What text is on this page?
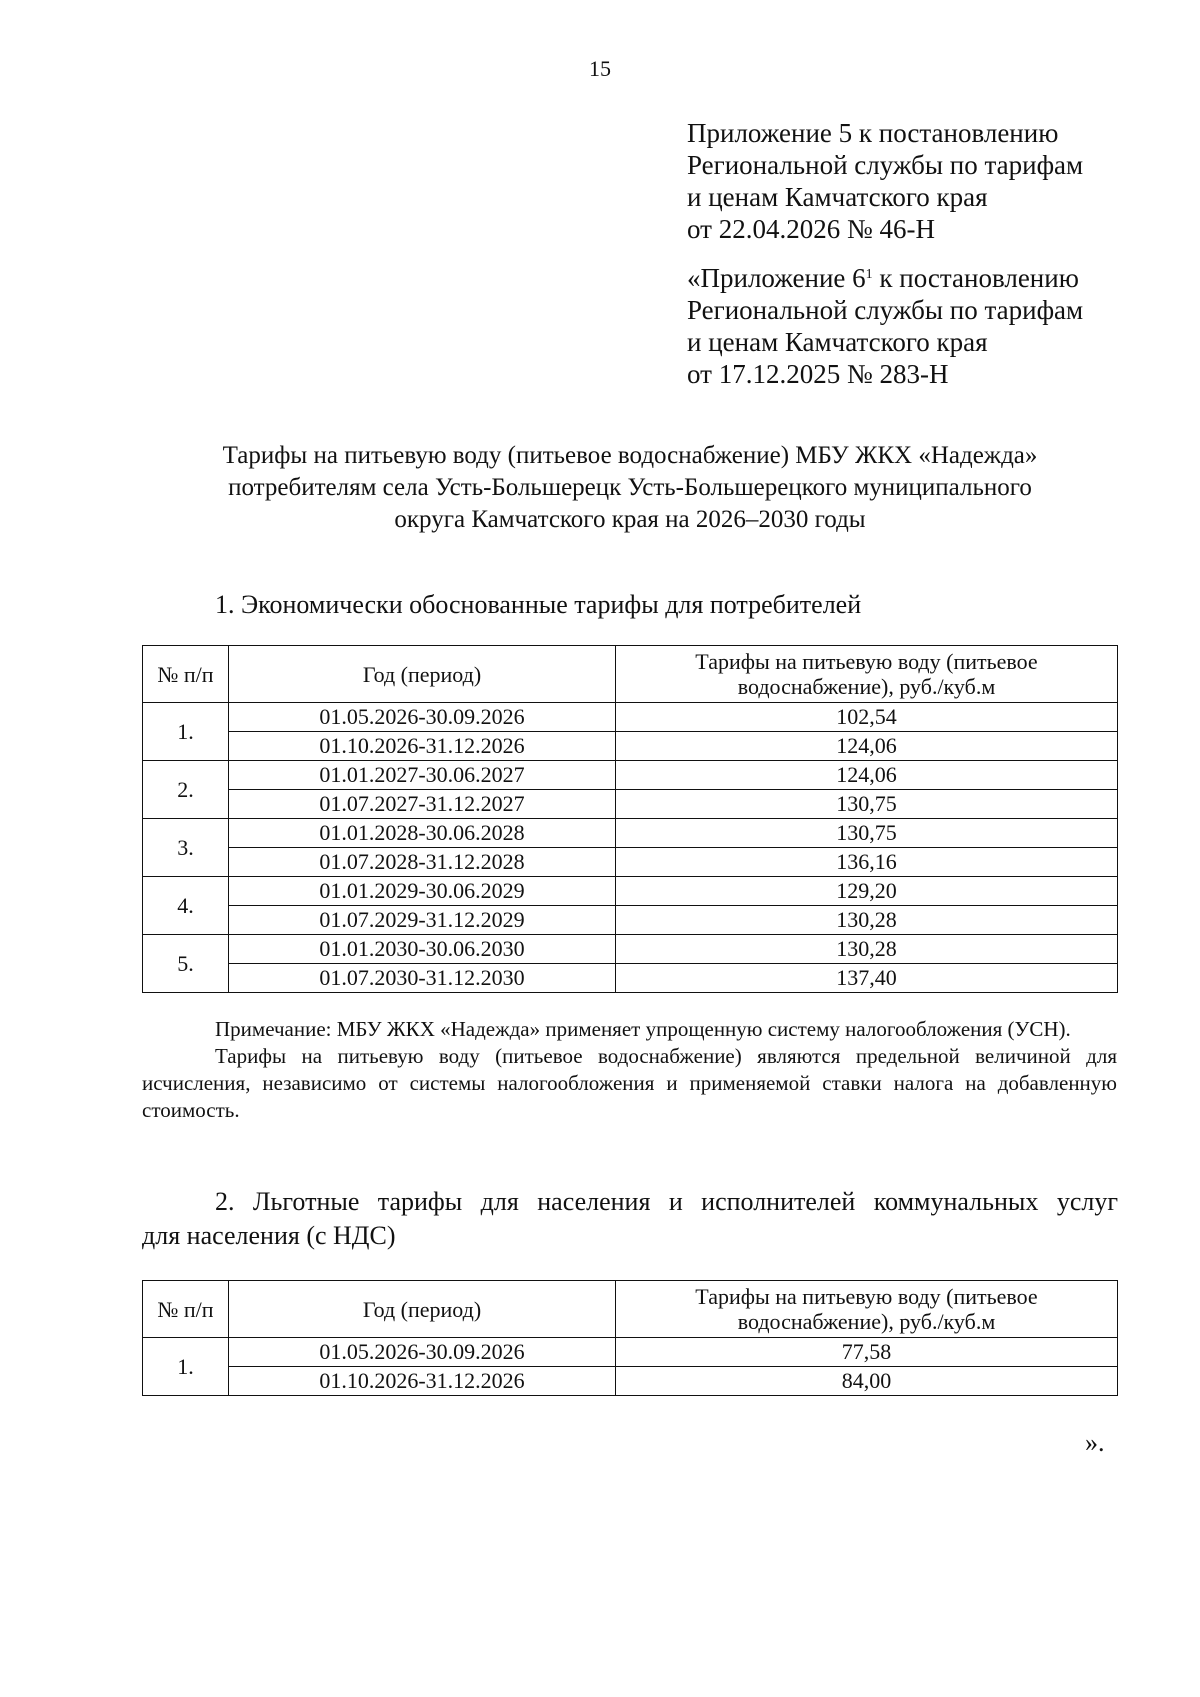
15
Приложение 5 к постановлению
Региональной службы по тарифам
и ценам Камчатского края
от 22.04.2026 № 46-Н
«Приложение $6^1$ к постановлению
Региональной службы по тарифам
и ценам Камчатского края
от 17.12.2025 № 283-Н
Тарифы на питьевую воду (питьевое водоснабжение) МБУ ЖКХ «Надежда»
потребителям села Усть-Большерецк Усть-Большерецкого муниципального
округа Камчатского края на 2026–2030 годы
1. Экономически обоснованные тарифы для потребителей
№ п/п	Год (период)	Тарифы на питьевую воду (питьевое водоснабжение), руб./куб.м
1.	01.05.2026-30.09.2026	102,54
	01.10.2026-31.12.2026	124,06
2.	01.01.2027-30.06.2027	124,06
	01.07.2027-31.12.2027	130,75
3.	01.01.2028-30.06.2028	130,75
	01.07.2028-31.12.2028	136,16
4.	01.01.2029-30.06.2029	129,20
	01.07.2029-31.12.2029	130,28
5.	01.01.2030-30.06.2030	130,28
	01.07.2030-31.12.2030	137,40

Примечание: МБУ ЖКХ «Надежда» применяет упрощенную систему налогообложения (УСН).

Тарифы на питьевую воду (питьевое водоснабжение) являются предельной величиной для исчисления, независимо от системы налогообложения и применяемой ставки налога на добавленную стоимость.

2. Льготные тарифы для населения и исполнителей коммунальных услуг
для населения (с НДС)
№ п/п	Год (период)	Тарифы на питьевую воду (питьевое водоснабжение), руб./куб.м
1.	01.05.2026-30.09.2026	77,58
	01.10.2026-31.12.2026	84,00
».
